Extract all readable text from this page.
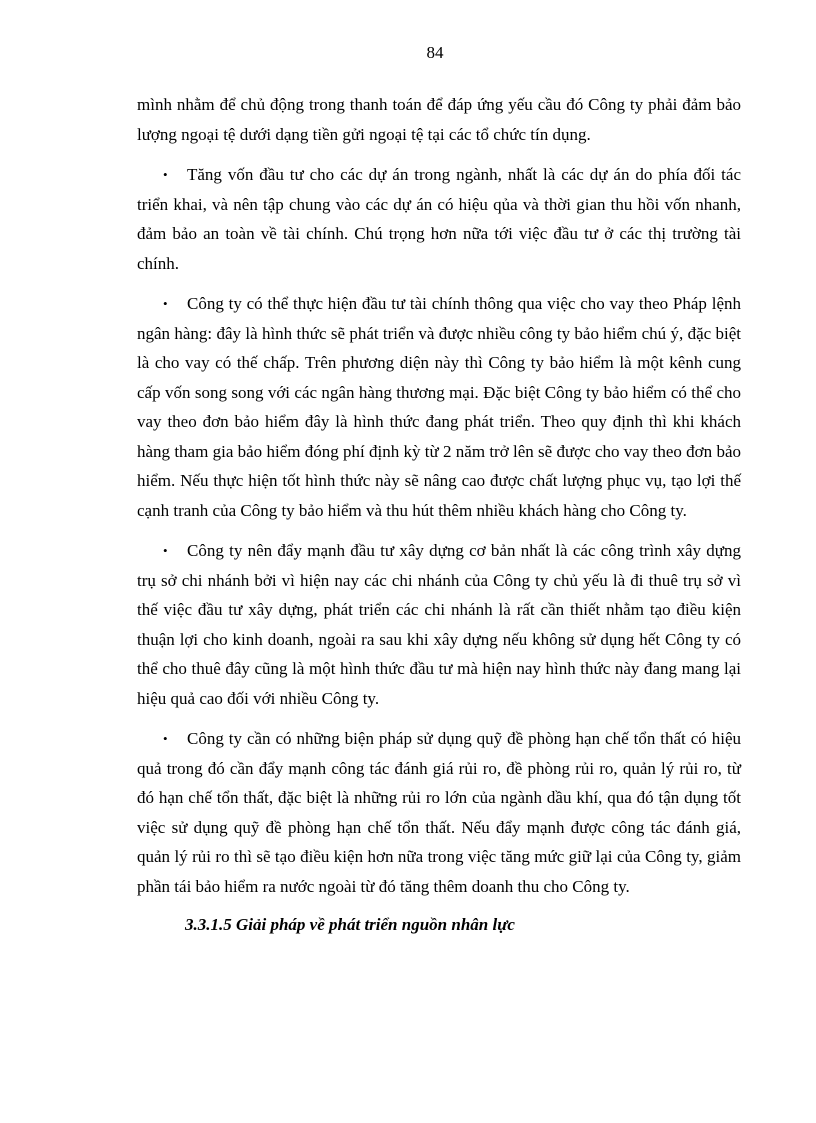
84

mình nhằm để chủ động trong thanh toán để đáp ứng yếu cầu đó Công ty phải đảm bảo lượng ngoại tệ dưới dạng tiền gửi ngoại tệ tại các tổ chức tín dụng.

• Tăng vốn đầu tư cho các dự án trong ngành, nhất là các dự án do phía đối tác triển khai, và nên tập chung vào các dự án có hiệu qủa và thời gian thu hồi vốn nhanh, đảm bảo an toàn về tài chính. Chú trọng hơn nữa tới việc đầu tư ở các thị trường tài chính.

• Công ty có thể thực hiện đầu tư tài chính thông qua việc cho vay theo Pháp lệnh ngân hàng: đây là hình thức sẽ phát triển và được nhiều công ty bảo hiểm chú ý, đặc biệt là cho vay có thế chấp. Trên phương diện này thì Công ty bảo hiểm là một kênh cung cấp vốn song song với các ngân hàng thương mại. Đặc biệt Công ty bảo hiểm có thể cho vay theo đơn bảo hiểm đây là hình thức đang phát triển. Theo quy định thì khi khách hàng tham gia bảo hiểm đóng phí định kỳ từ 2 năm trở lên sẽ được cho vay theo đơn bảo hiểm. Nếu thực hiện tốt hình thức này sẽ nâng cao được chất lượng phục vụ, tạo lợi thế cạnh tranh của Công ty bảo hiểm và thu hút thêm nhiều khách hàng cho Công ty.

• Công ty nên đẩy mạnh đầu tư xây dựng cơ bản nhất là các công trình xây dựng trụ sở chi nhánh bởi vì hiện nay các chi nhánh của Công ty chủ yếu là đi thuê trụ sở vì thế việc đầu tư xây dựng, phát triển các chi nhánh là rất cần thiết nhằm tạo điều kiện thuận lợi cho kinh doanh, ngoài ra sau khi xây dựng nếu không sử dụng hết Công ty có thể cho thuê đây cũng là một hình thức đầu tư mà hiện nay hình thức này đang mang lại hiệu quả cao đối với nhiều Công ty.

• Công ty cần có những biện pháp sử dụng quỹ đề phòng hạn chế tổn thất có hiệu quả trong đó cần đẩy mạnh công tác đánh giá rủi ro, đề phòng rủi ro, quản lý rủi ro, từ đó hạn chế tổn thất, đặc biệt là những rủi ro lớn của ngành dầu khí, qua đó tận dụng tốt việc sử dụng quỹ đề phòng hạn chế tổn thất. Nếu đẩy mạnh được công tác đánh giá, quản lý rủi ro thì sẽ tạo điều kiện hơn nữa trong việc tăng mức giữ lại của Công ty, giảm phần tái bảo hiểm ra nước ngoài từ đó tăng thêm doanh thu cho Công ty.

3.3.1.5 Giải pháp về phát triển nguồn nhân lực
